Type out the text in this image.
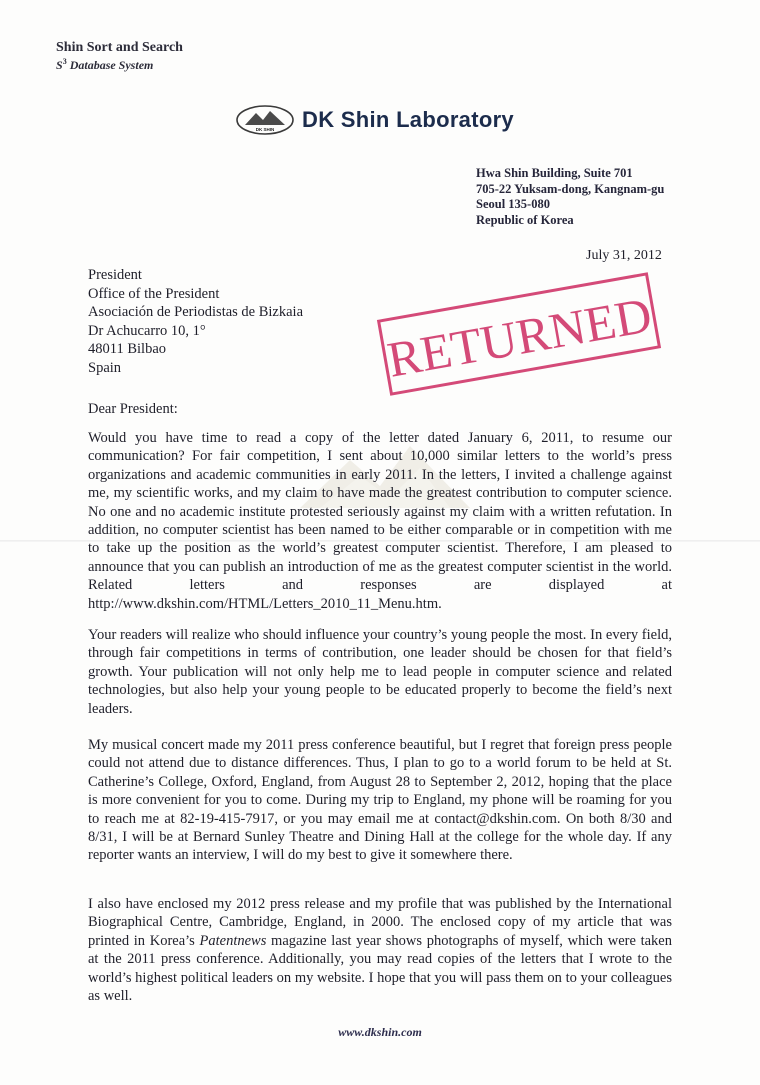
Shin Sort and Search
$S^3$ Database System
DK SHIN DK Shin Laboratory
Hwa Shin Building, Suite 701
705-22 Yuksam-dong, Kangnam-gu
Seoul 135-080
Republic of Korea
July 31, 2012
President
Office of the President
Asociación de Periodistas de Bizkaia
Dr Achucarro 10, 1°
48011 Bilbao
Spain	RETURNED
Dear President:

Would you have time to read a copy of the letter dated January 6, 2011, to resume our communication? For fair competition, I sent about 10,000 similar letters to the world’s press organizations and academic communities in early 2011. In the letters, I invited a challenge against me, my scientific works, and my claim to have made the greatest contribution to computer science. No one and no academic institute protested seriously against my claim with a written refutation. In addition, no computer scientist has been named to be either comparable or in competition with me to take up the position as the world’s greatest computer scientist. Therefore, I am pleased to announce that you can publish an introduction of me as the greatest computer scientist in the world. Related letters and responses are displayed at http://www.dkshin.com/HTML/Letters_2010_11_Menu.htm.

Your readers will realize who should influence your country’s young people the most. In every field, through fair competitions in terms of contribution, one leader should be chosen for that field’s growth. Your publication will not only help me to lead people in computer science and related technologies, but also help your young people to be educated properly to become the field’s next leaders.

My musical concert made my 2011 press conference beautiful, but I regret that foreign press people could not attend due to distance differences. Thus, I plan to go to a world forum to be held at St. Catherine’s College, Oxford, England, from August 28 to September 2, 2012, hoping that the place is more convenient for you to come. During my trip to England, my phone will be roaming for you to reach me at 82-19-415-7917, or you may email me at contact@dkshin.com. On both 8/30 and 8/31, I will be at Bernard Sunley Theatre and Dining Hall at the college for the whole day. If any reporter wants an interview, I will do my best to give it somewhere there.

I also have enclosed my 2012 press release and my profile that was published by the International Biographical Centre, Cambridge, England, in 2000. The enclosed copy of my article that was printed in Korea’s Patentnews magazine last year shows photographs of myself, which were taken at the 2011 press conference. Additionally, you may read copies of the letters that I wrote to the world’s highest political leaders on my website. I hope that you will pass them on to your colleagues as well.

www.dkshin.com
